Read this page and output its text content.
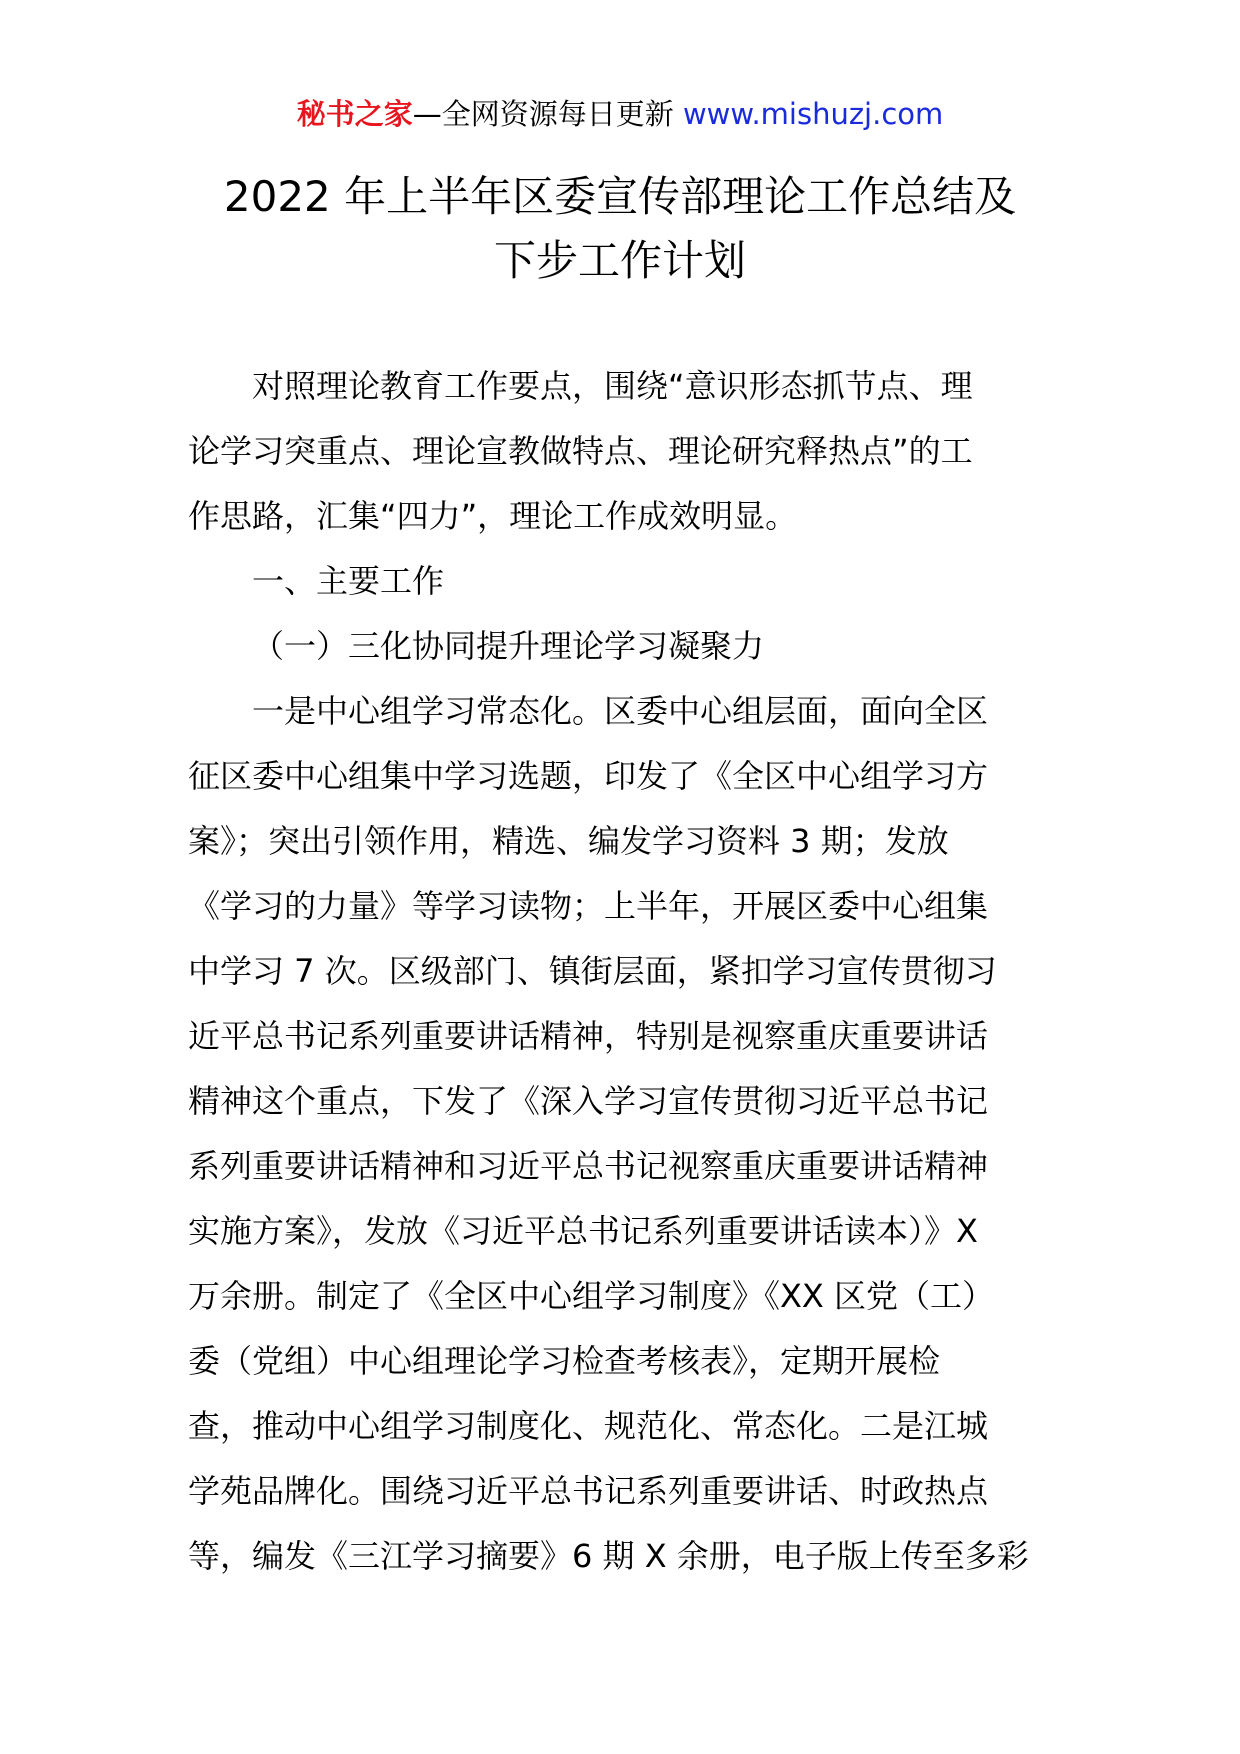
秘书之家—全网资源每日更新 www.mishuzj.com
2022 年上半年区委宣传部理论工作总结及
下步工作计划
对照理论教育工作要点，围绕“意识形态抓节点、理
论学习突重点、理论宣教做特点、理论研究释热点”的工
作思路，汇集“四力”，理论工作成效明显。
一、主要工作
（一）三化协同提升理论学习凝聚力
一是中心组学习常态化。区委中心组层面，面向全区
征区委中心组集中学习选题，印发了《全区中心组学习方
案》；突出引领作用，精选、编发学习资料 3 期；发放
《学习的力量》等学习读物；上半年，开展区委中心组集
中学习 7 次。区级部门、镇街层面，紧扣学习宣传贯彻习
近平总书记系列重要讲话精神，特别是视察重庆重要讲话
精神这个重点，下发了《深入学习宣传贯彻习近平总书记
系列重要讲话精神和习近平总书记视察重庆重要讲话精神
实施方案》，发放《习近平总书记系列重要讲话读本）》X
万余册。制定了《全区中心组学习制度》《XX 区党（工）
委（党组）中心组理论学习检查考核表》，定期开展检
查，推动中心组学习制度化、规范化、常态化。二是江城
学苑品牌化。围绕习近平总书记系列重要讲话、时政热点
等，编发《三江学习摘要》6 期 X 余册，电子版上传至多彩
